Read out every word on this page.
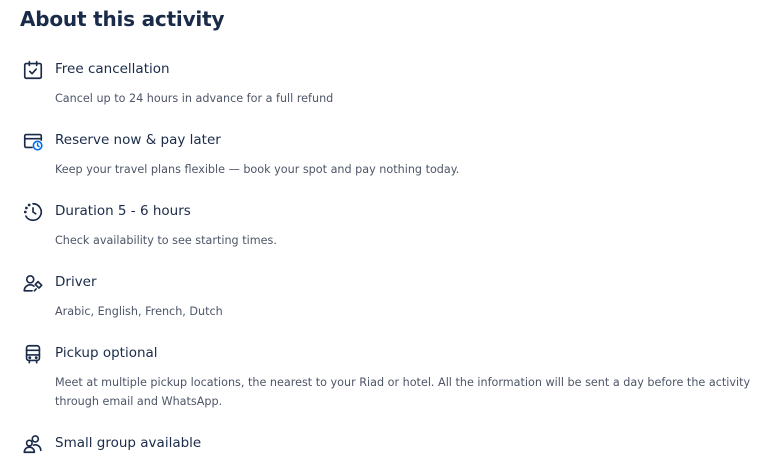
About this activity
Free cancellation

Cancel up to 24 hours in advance for a full refund

Reserve now & pay later

Keep your travel plans flexible — book your spot and pay nothing today.

Duration 5 - 6 hours

Check availability to see starting times.

Driver

Arabic, English, French, Dutch

Pickup optional

Meet at multiple pickup locations, the nearest to your Riad or hotel. All the information will be sent a day before the activity through email and WhatsApp.

Small group available
